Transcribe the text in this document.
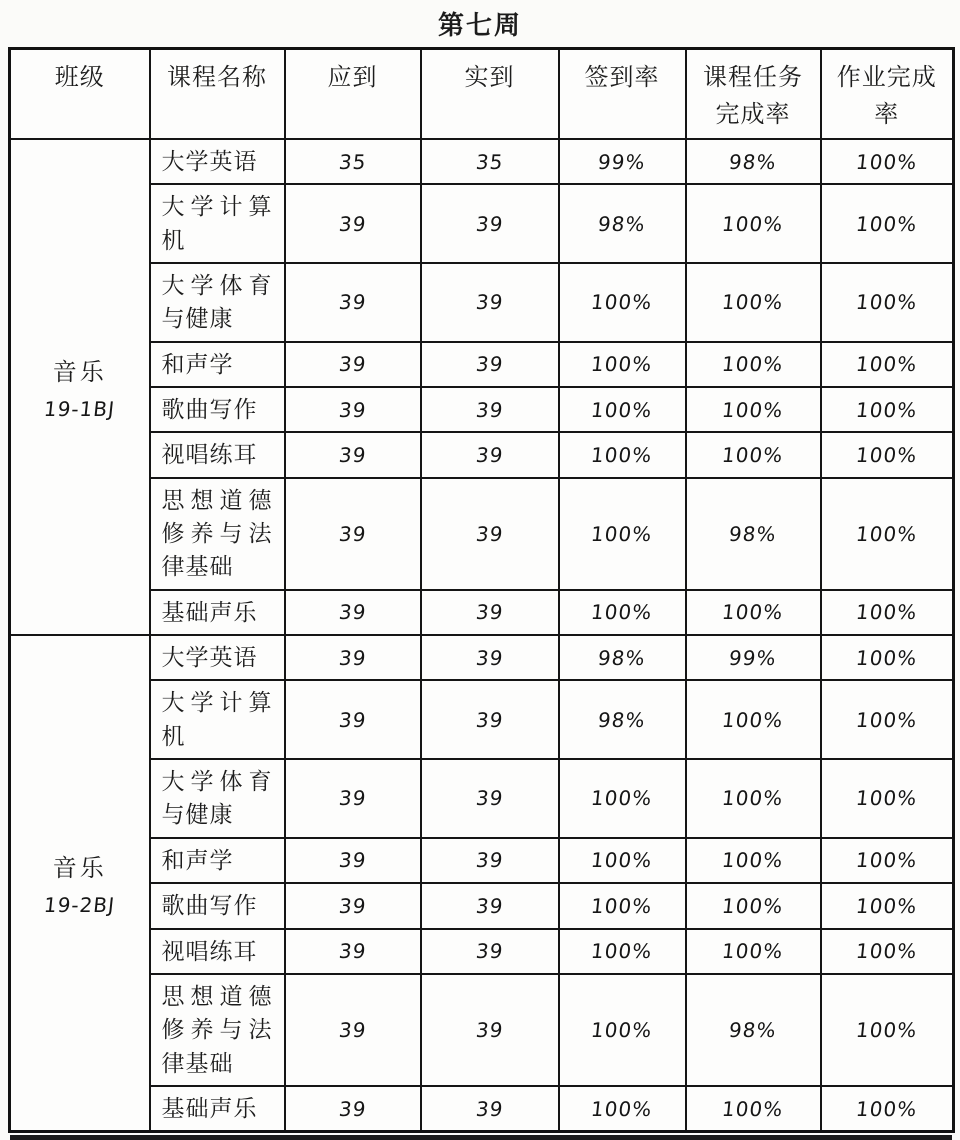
第七周
班级	课程名称	应到	实到	签到率	课程任务完成率	作业完成率

音乐
19-1BJ	大学英语	35	35	99%	98%	100%
	大学计算机	39	39	98%	100%	100%
	大学体育与健康	39	39	100%	100%	100%
	和声学	39	39	100%	100%	100%
	歌曲写作	39	39	100%	100%	100%
	视唱练耳	39	39	100%	100%	100%
	思想道德修养与法律基础	39	39	100%	98%	100%
	基础声乐	39	39	100%	100%	100%

音乐
19-2BJ	大学英语	39	39	98%	99%	100%
	大学计算机	39	39	98%	100%	100%
	大学体育与健康	39	39	100%	100%	100%
	和声学	39	39	100%	100%	100%
	歌曲写作	39	39	100%	100%	100%
	视唱练耳	39	39	100%	100%	100%
	思想道德修养与法律基础	39	39	100%	98%	100%
	基础声乐	39	39	100%	100%	100%
